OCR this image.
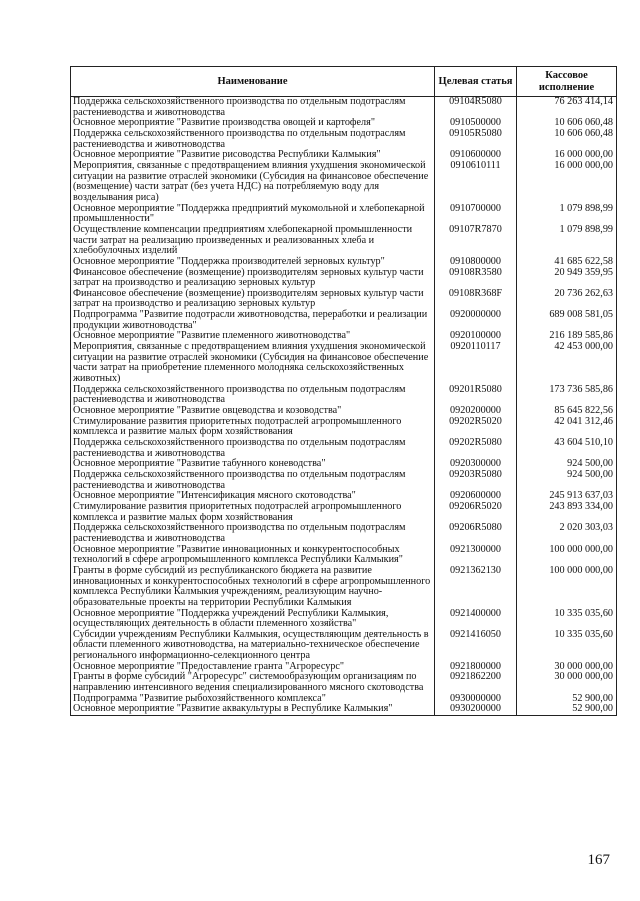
Наименование	Целевая статья	Кассовое исполнение
Поддержка сельскохозяйственного производства по отдельным подотраслям растениеводства и животноводства	09104R5080	76 263 414,14
Основное мероприятие "Развитие производства овощей и картофеля"	0910500000	10 606 060,48
Поддержка сельскохозяйственного производства по отдельным подотраслям растениеводства и животноводства	09105R5080	10 606 060,48
Основное мероприятие "Развитие рисоводства Республики Калмыкия"	0910600000	16 000 000,00
Мероприятия, связанные с предотвращением влияния ухудшения экономической ситуации на развитие отраслей экономики (Субсидия на финансовое обеспечение (возмещение) части затрат (без учета НДС) на потребляемую воду для возделывания риса)	0910610111	16 000 000,00
Основное мероприятие "Поддержка предприятий мукомольной и хлебопекарной промышленности"	0910700000	1 079 898,99
Осуществление компенсации предприятиям хлебопекарной промышленности части затрат на реализацию произведенных и реализованных хлеба и хлебобулочных изделий	09107R7870	1 079 898,99
Основное мероприятие "Поддержка производителей зерновых культур"	0910800000	41 685 622,58
Финансовое обеспечение (возмещение) производителям зерновых культур части затрат на производство и реализацию зерновых культур	09108R3580	20 949 359,95
Финансовое обеспечение (возмещение) производителям зерновых культур части затрат на производство и реализацию зерновых культур	09108R368F	20 736 262,63
Подпрограмма "Развитие подотрасли животноводства, переработки и реализации продукции животноводства"	0920000000	689 008 581,05
Основное мероприятие "Развитие племенного животноводства"	0920100000	216 189 585,86
Мероприятия, связанные с предотвращением влияния ухудшения экономической ситуации на развитие отраслей экономики (Субсидия на финансовое обеспечение части затрат на приобретение племенного молодняка сельскохозяйственных животных)	0920110117	42 453 000,00
Поддержка сельскохозяйственного производства по отдельным подотраслям растениеводства и животноводства	09201R5080	173 736 585,86
Основное мероприятие "Развитие овцеводства и козоводства"	0920200000	85 645 822,56
Стимулирование развития приоритетных подотраслей агропромышленного комплекса и развитие малых форм хозяйствования	09202R5020	42 041 312,46
Поддержка сельскохозяйственного производства по отдельным подотраслям растениеводства и животноводства	09202R5080	43 604 510,10
Основное мероприятие "Развитие табунного коневодства"	0920300000	924 500,00
Поддержка сельскохозяйственного производства по отдельным подотраслям растениеводства и животноводства	09203R5080	924 500,00
Основное мероприятие "Интенсификация мясного скотоводства"	0920600000	245 913 637,03
Стимулирование развития приоритетных подотраслей агропромышленного комплекса и развитие малых форм хозяйствования	09206R5020	243 893 334,00
Поддержка сельскохозяйственного производства по отдельным подотраслям растениеводства и животноводства	09206R5080	2 020 303,03
Основное мероприятие "Развитие инновационных и конкурентоспособных технологий в сфере агропромышленного комплекса Республики Калмыкия"	0921300000	100 000 000,00
Гранты в форме субсидий из республиканского бюджета на развитие инновационных и конкурентоспособных технологий в сфере агропромышленного комплекса Республики Калмыкия учреждениям, реализующим научно-образовательные проекты на территории Республики Калмыкия	0921362130	100 000 000,00
Основное мероприятие "Поддержка учреждений Республики Калмыкия, осуществляющих деятельность в области племенного хозяйства"	0921400000	10 335 035,60
Субсидии учреждениям Республики Калмыкия, осуществляющим деятельность в области племенного животноводства, на материально-техническое обеспечение регионального информационно-селекционного центра	0921416050	10 335 035,60
Основное мероприятие "Предоставление гранта "Агроресурс"	0921800000	30 000 000,00
Гранты в форме субсидий "Агроресурс" системообразующим организациям по направлению интенсивного ведения специализированного мясного скотоводства	0921862200	30 000 000,00
Подпрограмма "Развитие рыбохозяйственного комплекса"	0930000000	52 900,00
Основное мероприятие "Развитие аквакультуры в Республике Калмыкия"	0930200000	52 900,00
167
